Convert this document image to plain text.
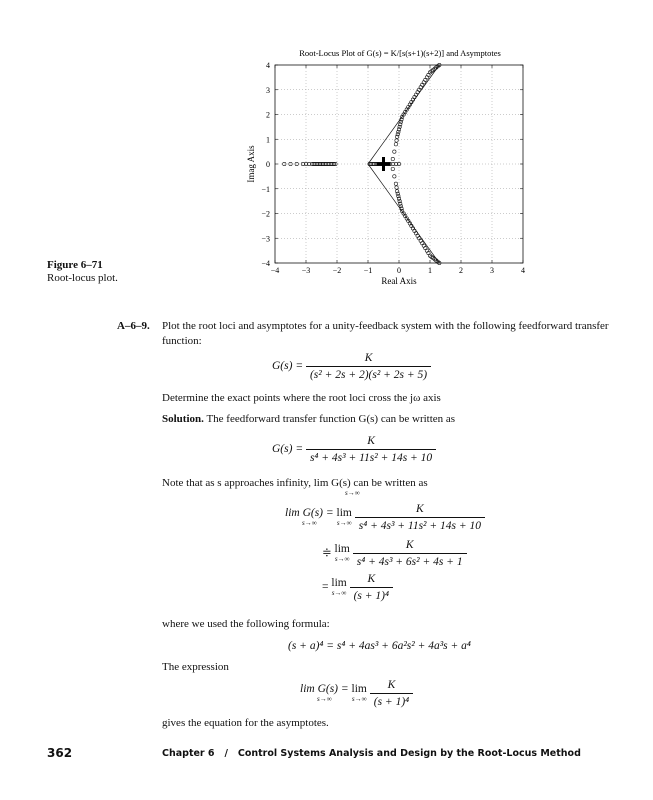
Root-Locus Plot of G(s) = K/[s(s+1)(s+2)] and Asymptotes
−4	−3	−2	−1	0	1	2	3	4
−4
−3
−2
−1
0
1
2
3
4
Real Axis
Imag Axis
Figure 6–71
Root-locus plot.
A–6–9. Plot the root loci and asymptotes for a unity-feedback system with the following feedforward transfer function:
$G(s) = \frac{K}{\text{(s² + 2s + 2)(s² + 2s + 5)}}$
Determine the exact points where the root loci cross the jω axis
Solution. The feedforward transfer function G(s) can be written as
$G(s) = \frac{K}{\text{s⁴ + 4s³ + 11s² + 14s + 10}}$
Note that as s approaches infinity, lim G(s) can be written as
s→∞
lim G(s) =
s→∞

lim
s→∞
$\frac{K}{\text{s⁴ + 4s³ + 11s² + 14s + 10}}$
≑ lim
s→∞
$\frac{K}{\text{s⁴ + 4s³ + 6s² + 4s + 1}}$
= lim
s→∞
$\frac{K}{\text{(s + 1)⁴}}$
where we used the following formula:
(s + a)⁴ = s⁴ + 4as³ + 6a²s² + 4a³s + a⁴
The expression
lim G(s) =
s→∞

lim
s→∞
$\frac{K}{\text{(s + 1)⁴}}$
gives the equation for the asymptotes.
362	Chapter 6   /   Control Systems Analysis and Design by the Root-Locus Method
